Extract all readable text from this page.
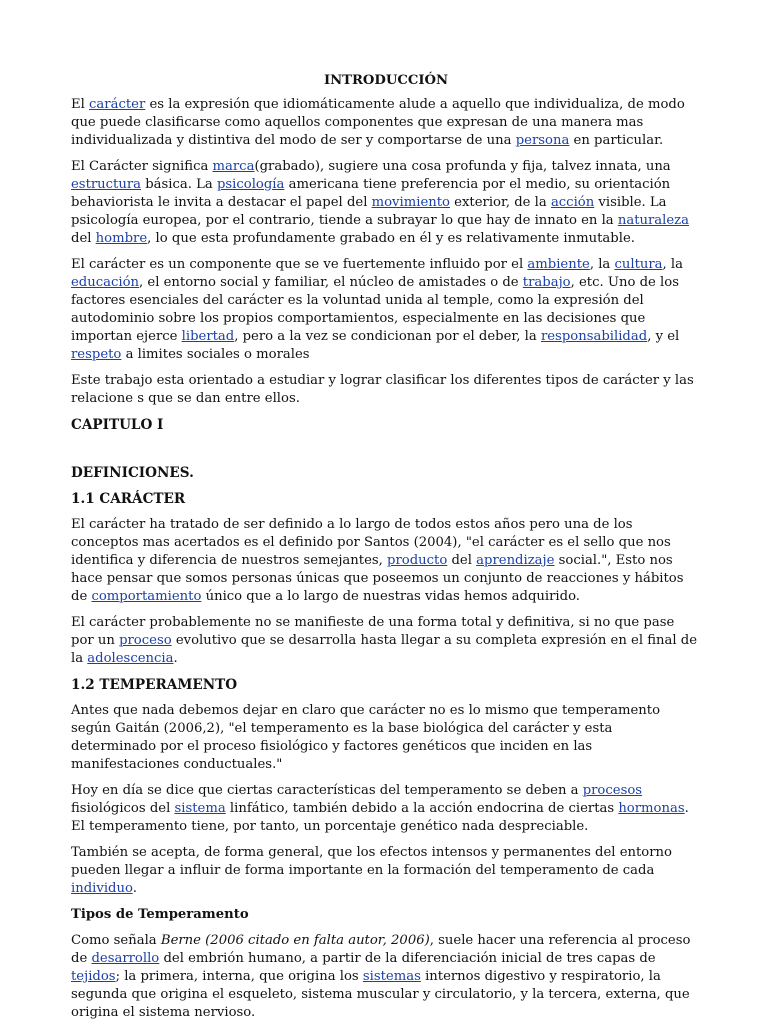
INTRODUCCIÓN

El carácter es la expresión que idiomáticamente alude a aquello que individualiza, de modo que puede clasificarse como aquellos componentes que expresan de una manera mas individualizada y distintiva del modo de ser y comportarse de una persona en particular.

El Carácter significa marca(grabado), sugiere una cosa profunda y fija, talvez innata, una estructura básica. La psicología americana tiene preferencia por el medio, su orientación behaviorista le invita a destacar el papel del movimiento exterior, de la acción visible. La psicología europea, por el contrario, tiende a subrayar lo que hay de innato en la naturaleza del hombre, lo que esta profundamente grabado en él y es relativamente inmutable.

El carácter es un componente que se ve fuertemente influido por el ambiente, la cultura, la educación, el entorno social y familiar, el núcleo de amistades o de trabajo, etc. Uno de los factores esenciales del carácter es la voluntad unida al temple, como la expresión del autodominio sobre los propios comportamientos, especialmente en las decisiones que importan ejerce libertad, pero a la vez se condicionan por el deber, la responsabilidad, y el respeto a limites sociales o morales

Este trabajo esta orientado a estudiar y lograr clasificar los diferentes tipos de carácter y las relacione s que se dan entre ellos.

CAPITULO I
DEFINICIONES.
1.1 CARÁCTER

El carácter ha tratado de ser definido a lo largo de todos estos años pero una de los conceptos mas acertados es el definido por Santos (2004), "el carácter es el sello que nos identifica y diferencia de nuestros semejantes, producto del aprendizaje social.", Esto nos hace pensar que somos personas únicas que poseemos un conjunto de reacciones y hábitos de comportamiento único que a lo largo de nuestras vidas hemos adquirido.

El carácter probablemente no se manifieste de una forma total y definitiva, si no que pase por un proceso evolutivo que se desarrolla hasta llegar a su completa expresión en el final de la adolescencia.

1.2 TEMPERAMENTO

Antes que nada debemos dejar en claro que carácter no es lo mismo que temperamento según Gaitán (2006,2), "el temperamento es la base biológica del carácter y esta determinado por el proceso fisiológico y factores genéticos que inciden en las manifestaciones conductuales."

Hoy en día se dice que ciertas características del temperamento se deben a procesos fisiológicos del sistema linfático, también debido a la acción endocrina de ciertas hormonas. El temperamento tiene, por tanto, un porcentaje genético nada despreciable.

También se acepta, de forma general, que los efectos intensos y permanentes del entorno pueden llegar a influir de forma importante en la formación del temperamento de cada individuo.

Tipos de Temperamento

Como señala Berne (2006 citado en falta autor, 2006), suele hacer una referencia al proceso de desarrollo del embrión humano, a partir de la diferenciación inicial de tres capas de tejidos; la primera, interna, que origina los sistemas internos digestivo y respiratorio, la segunda que origina el esqueleto, sistema muscular y circulatorio, y la tercera, externa, que origina el sistema nervioso.
